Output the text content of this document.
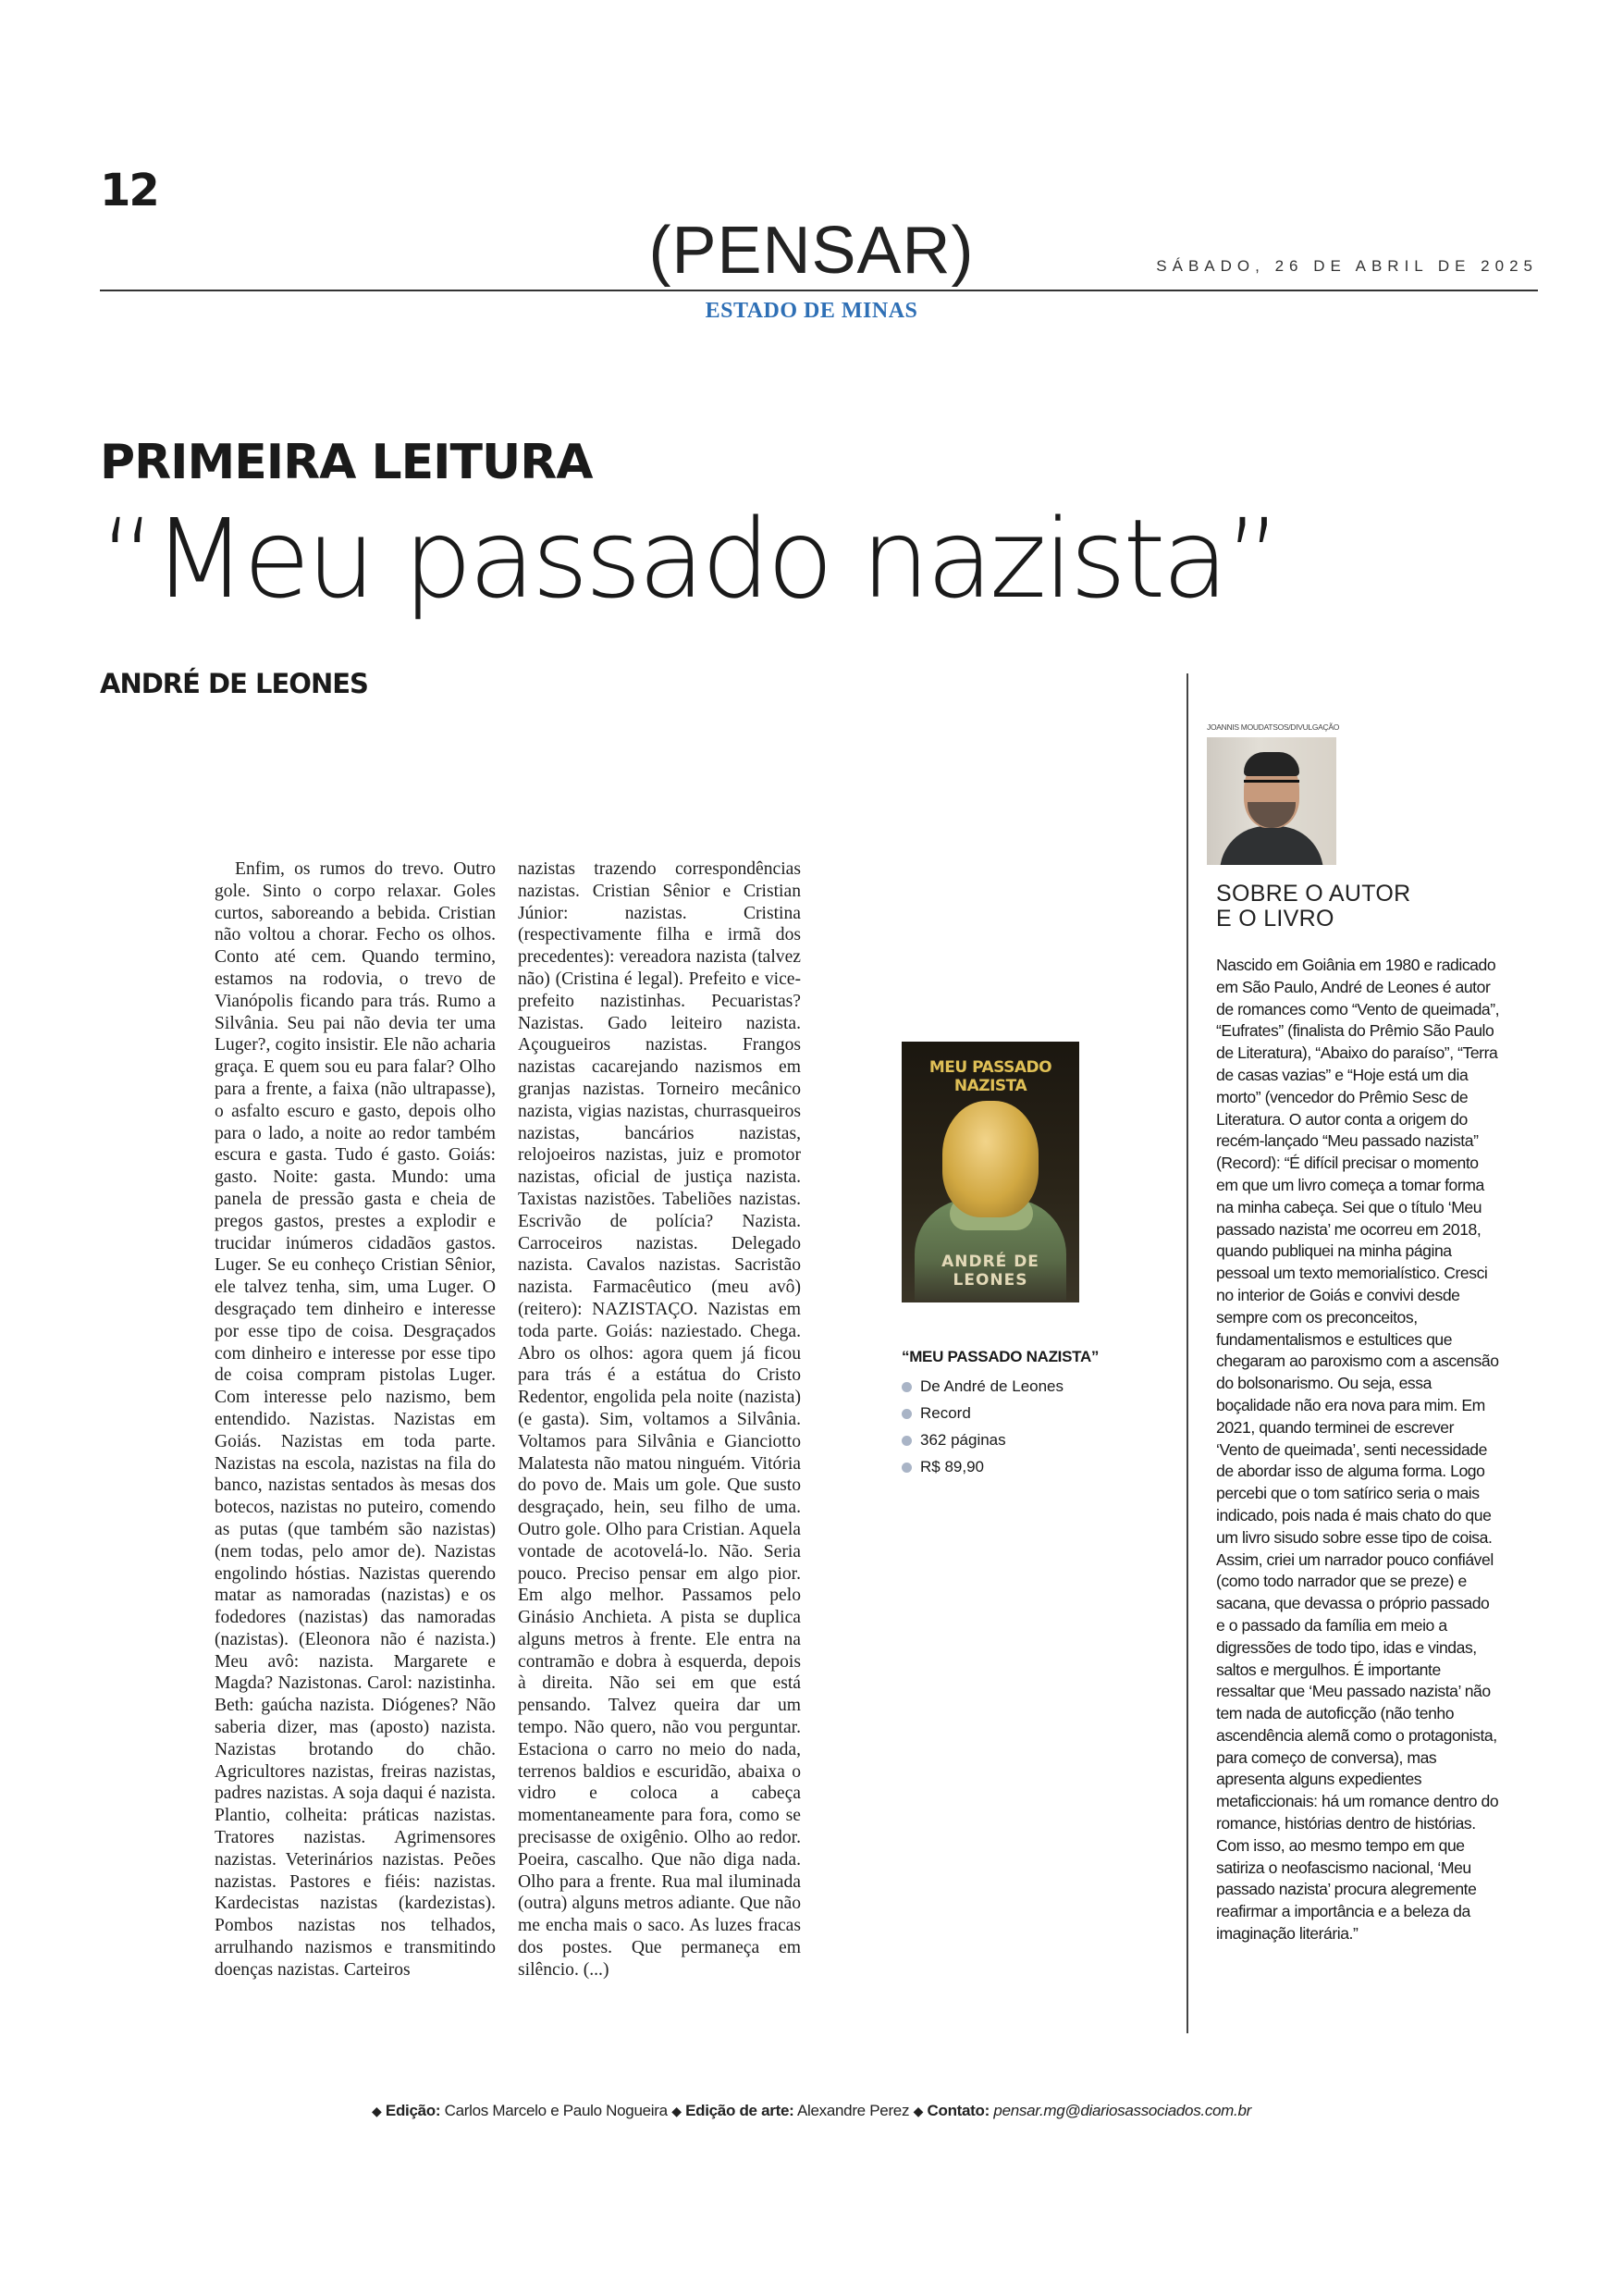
12
(PENSAR)	SÁBADO, 26 DE ABRIL DE 2025
ESTADO DE MINAS
PRIMEIRA LEITURA
“Meu passado nazista”
ANDRÉ DE LEONES
Enfim, os rumos do trevo. Outro gole. Sinto o corpo relaxar. Goles curtos, saboreando a bebida. Cristian não voltou a chorar. Fecho os olhos. Conto até cem. Quando termino, estamos na rodovia, o trevo de Vianópolis ficando para trás. Rumo a Silvânia. Seu pai não devia ter uma Luger?, cogito insistir. Ele não acharia graça. E quem sou eu para falar? Olho para a frente, a faixa (não ultrapasse), o asfalto escuro e gasto, depois olho para o lado, a noite ao redor também escura e gasta. Tudo é gasto. Goiás: gasto. Noite: gasta. Mundo: uma panela de pressão gasta e cheia de pregos gastos, prestes a explodir e trucidar inúmeros cidadãos gastos. Luger. Se eu conheço Cristian Sênior, ele talvez tenha, sim, uma Luger. O desgraçado tem dinheiro e interesse por esse tipo de coisa. Desgraçados com dinheiro e interesse por esse tipo de coisa compram pistolas Luger. Com interesse pelo nazismo, bem entendido. Nazistas. Nazistas em Goiás. Nazistas em toda parte. Nazistas na escola, nazistas na fila do banco, nazistas sentados às mesas dos botecos, nazistas no puteiro, comendo as putas (que também são nazistas) (nem todas, pelo amor de). Nazistas engolindo hóstias. Nazistas querendo matar as namoradas (nazistas) e os fodedores (nazistas) das namoradas (nazistas). (Eleonora não é nazista.) Meu avô: nazista. Margarete e Magda? Nazistonas. Carol: nazistinha. Beth: gaúcha nazista. Diógenes? Não saberia dizer, mas (aposto) nazista. Nazistas brotando do chão. Agricultores nazistas, freiras nazistas, padres nazistas. A soja daqui é nazista. Plantio, colheita: práticas nazistas. Tratores nazistas. Agrimensores nazistas. Veterinários nazistas. Peões nazistas. Pastores e fiéis: nazistas. Kardecistas nazistas (kardezistas). Pombos nazistas nos telhados, arrulhando nazismos e transmitindo doenças nazistas. Carteiros
nazistas trazendo correspondências nazistas. Cristian Sênior e Cristian Júnior: nazistas. Cristina (respectivamente filha e irmã dos precedentes): vereadora nazista (talvez não) (Cristina é legal). Prefeito e vice-prefeito nazistinhas. Pecuaristas? Nazistas. Gado leiteiro nazista. Açougueiros nazistas. Frangos nazistas cacarejando nazismos em granjas nazistas. Torneiro mecânico nazista, vigias nazistas, churrasqueiros nazistas, bancários nazistas, relojoeiros nazistas, juiz e promotor nazistas, oficial de justiça nazista. Taxistas nazistões. Tabeliões nazistas. Escrivão de polícia? Nazista. Carroceiros nazistas. Delegado nazista. Cavalos nazistas. Sacristão nazista. Farmacêutico (meu avô) (reitero): NAZISTAÇO. Nazistas em toda parte. Goiás: naziestado. Chega. Abro os olhos: agora quem já ficou para trás é a estátua do Cristo Redentor, engolida pela noite (nazista) (e gasta). Sim, voltamos a Silvânia. Voltamos para Silvânia e Gianciotto Malatesta não matou ninguém. Vitória do povo de. Mais um gole. Que susto desgraçado, hein, seu filho de uma. Outro gole. Olho para Cristian. Aquela vontade de acotovelá-lo. Não. Seria pouco. Preciso pensar em algo pior. Em algo melhor. Passamos pelo Ginásio Anchieta. A pista se duplica alguns metros à frente. Ele entra na contramão e dobra à esquerda, depois à direita. Não sei em que está pensando. Talvez queira dar um tempo. Não quero, não vou perguntar. Estaciona o carro no meio do nada, terrenos baldios e escuridão, abaixa o vidro e coloca a cabeça momentaneamente para fora, como se precisasse de oxigênio. Olho ao redor. Poeira, cascalho. Que não diga nada. Olho para a frente. Rua mal iluminada (outra) alguns metros adiante. Que não me encha mais o saco. As luzes fracas dos postes. Que permaneça em silêncio. (...)
MEU PASSADO NAZISTA
ANDRÉ DE LEONES
“MEU PASSADO NAZISTA”
De André de Leones
Record
362 páginas
R$ 89,90
JOANNIS MOUDATSOS/DIVULGAÇÃO
SOBRE O AUTOR
E O LIVRO
Nascido em Goiânia em 1980 e radicado em São Paulo, André de Leones é autor de romances como “Vento de queimada”, “Eufrates” (finalista do Prêmio São Paulo de Literatura), “Abaixo do paraíso”, “Terra de casas vazias” e “Hoje está um dia morto” (vencedor do Prêmio Sesc de Literatura. O autor conta a origem do recém-lançado “Meu passado nazista” (Record): “É difícil precisar o momento em que um livro começa a tomar forma na minha cabeça. Sei que o título ‘Meu passado nazista’ me ocorreu em 2018, quando publiquei na minha página pessoal um texto memorialístico. Cresci no interior de Goiás e convivi desde sempre com os preconceitos, fundamentalismos e estultices que chegaram ao paroxismo com a ascensão do bolsonarismo. Ou seja, essa boçalidade não era nova para mim. Em 2021, quando terminei de escrever ‘Vento de queimada’, senti necessidade de abordar isso de alguma forma. Logo percebi que o tom satírico seria o mais indicado, pois nada é mais chato do que um livro sisudo sobre esse tipo de coisa. Assim, criei um narrador pouco confiável (como todo narrador que se preze) e sacana, que devassa o próprio passado e o passado da família em meio a digressões de todo tipo, idas e vindas, saltos e mergulhos. É importante ressaltar que ‘Meu passado nazista’ não tem nada de autoficção (não tenho ascendência alemã como o protagonista, para começo de conversa), mas apresenta alguns expedientes metaficcionais: há um romance dentro do romance, histórias dentro de histórias. Com isso, ao mesmo tempo em que satiriza o neofascismo nacional, ‘Meu passado nazista’ procura alegremente reafirmar a importância e a beleza da imaginação literária.”
◆ Edição: Carlos Marcelo e Paulo Nogueira ◆ Edição de arte: Alexandre Perez ◆ Contato: pensar.mg@diariosassociados.com.br
